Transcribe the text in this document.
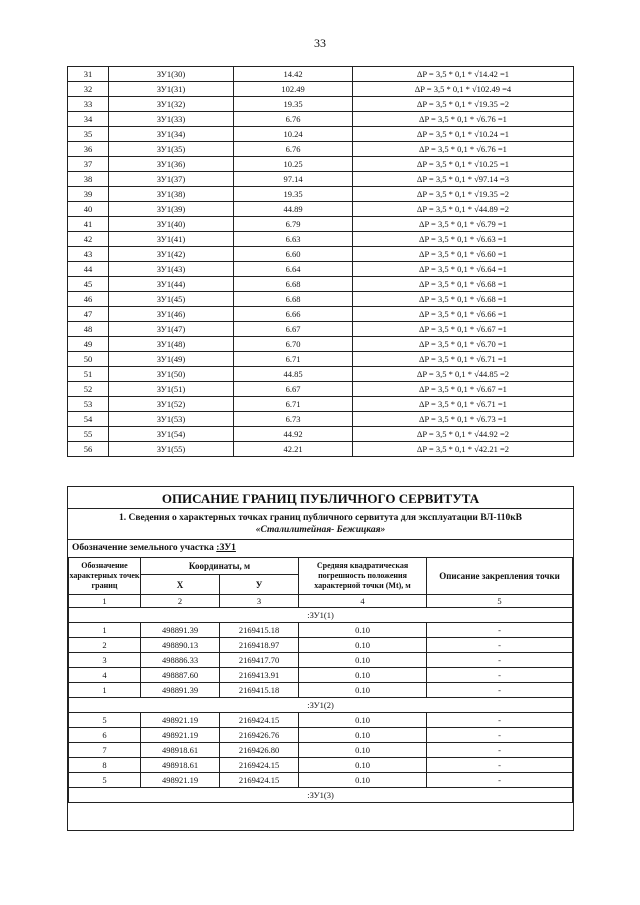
33
31	ЗУ1(30)	14.42	ΔP = 3,5 * 0,1 * √14.42 =1
32	ЗУ1(31)	102.49	ΔP = 3,5 * 0,1 * √102.49 =4
33	ЗУ1(32)	19.35	ΔP = 3,5 * 0,1 * √19.35 =2
34	ЗУ1(33)	6.76	ΔP = 3,5 * 0,1 * √6.76 =1
35	ЗУ1(34)	10.24	ΔP = 3,5 * 0,1 * √10.24 =1
36	ЗУ1(35)	6.76	ΔP = 3,5 * 0,1 * √6.76 =1
37	ЗУ1(36)	10.25	ΔP = 3,5 * 0,1 * √10.25 =1
38	ЗУ1(37)	97.14	ΔP = 3,5 * 0,1 * √97.14 =3
39	ЗУ1(38)	19.35	ΔP = 3,5 * 0,1 * √19.35 =2
40	ЗУ1(39)	44.89	ΔP = 3,5 * 0,1 * √44.89 =2
41	ЗУ1(40)	6.79	ΔP = 3,5 * 0,1 * √6.79 =1
42	ЗУ1(41)	6.63	ΔP = 3,5 * 0,1 * √6.63 =1
43	ЗУ1(42)	6.60	ΔP = 3,5 * 0,1 * √6.60 =1
44	ЗУ1(43)	6.64	ΔP = 3,5 * 0,1 * √6.64 =1
45	ЗУ1(44)	6.68	ΔP = 3,5 * 0,1 * √6.68 =1
46	ЗУ1(45)	6.68	ΔP = 3,5 * 0,1 * √6.68 =1
47	ЗУ1(46)	6.66	ΔP = 3,5 * 0,1 * √6.66 =1
48	ЗУ1(47)	6.67	ΔP = 3,5 * 0,1 * √6.67 =1
49	ЗУ1(48)	6.70	ΔP = 3,5 * 0,1 * √6.70 =1
50	ЗУ1(49)	6.71	ΔP = 3,5 * 0,1 * √6.71 =1
51	ЗУ1(50)	44.85	ΔP = 3,5 * 0,1 * √44.85 =2
52	ЗУ1(51)	6.67	ΔP = 3,5 * 0,1 * √6.67 =1
53	ЗУ1(52)	6.71	ΔP = 3,5 * 0,1 * √6.71 =1
54	ЗУ1(53)	6.73	ΔP = 3,5 * 0,1 * √6.73 =1
55	ЗУ1(54)	44.92	ΔP = 3,5 * 0,1 * √44.92 =2
56	ЗУ1(55)	42.21	ΔP = 3,5 * 0,1 * √42.21 =2
ОПИСАНИЕ ГРАНИЦ ПУБЛИЧНОГО СЕРВИТУТА
1. Сведения о характерных точках границ публичного сервитута для эксплуатации ВЛ-110кВ
«Сталилитейная- Бежицкая»
Обозначение земельного участка :ЗУ1
Обозначение характерных точек границ	Координаты, м		Средняя квадратическая погрешность положения характерной точки (Мt), м	Описание закрепления точки
	Х	У		
1	2	3	4	5
:ЗУ1(1)				
1	498891.39	2169415.18	0.10	-
2	498890.13	2169418.97	0.10	-
3	498886.33	2169417.70	0.10	-
4	498887.60	2169413.91	0.10	-
1	498891.39	2169415.18	0.10	-
:ЗУ1(2)				
5	498921.19	2169424.15	0.10	-
6	498921.19	2169426.76	0.10	-
7	498918.61	2169426.80	0.10	-
8	498918.61	2169424.15	0.10	-
5	498921.19	2169424.15	0.10	-
:ЗУ1(3)				
